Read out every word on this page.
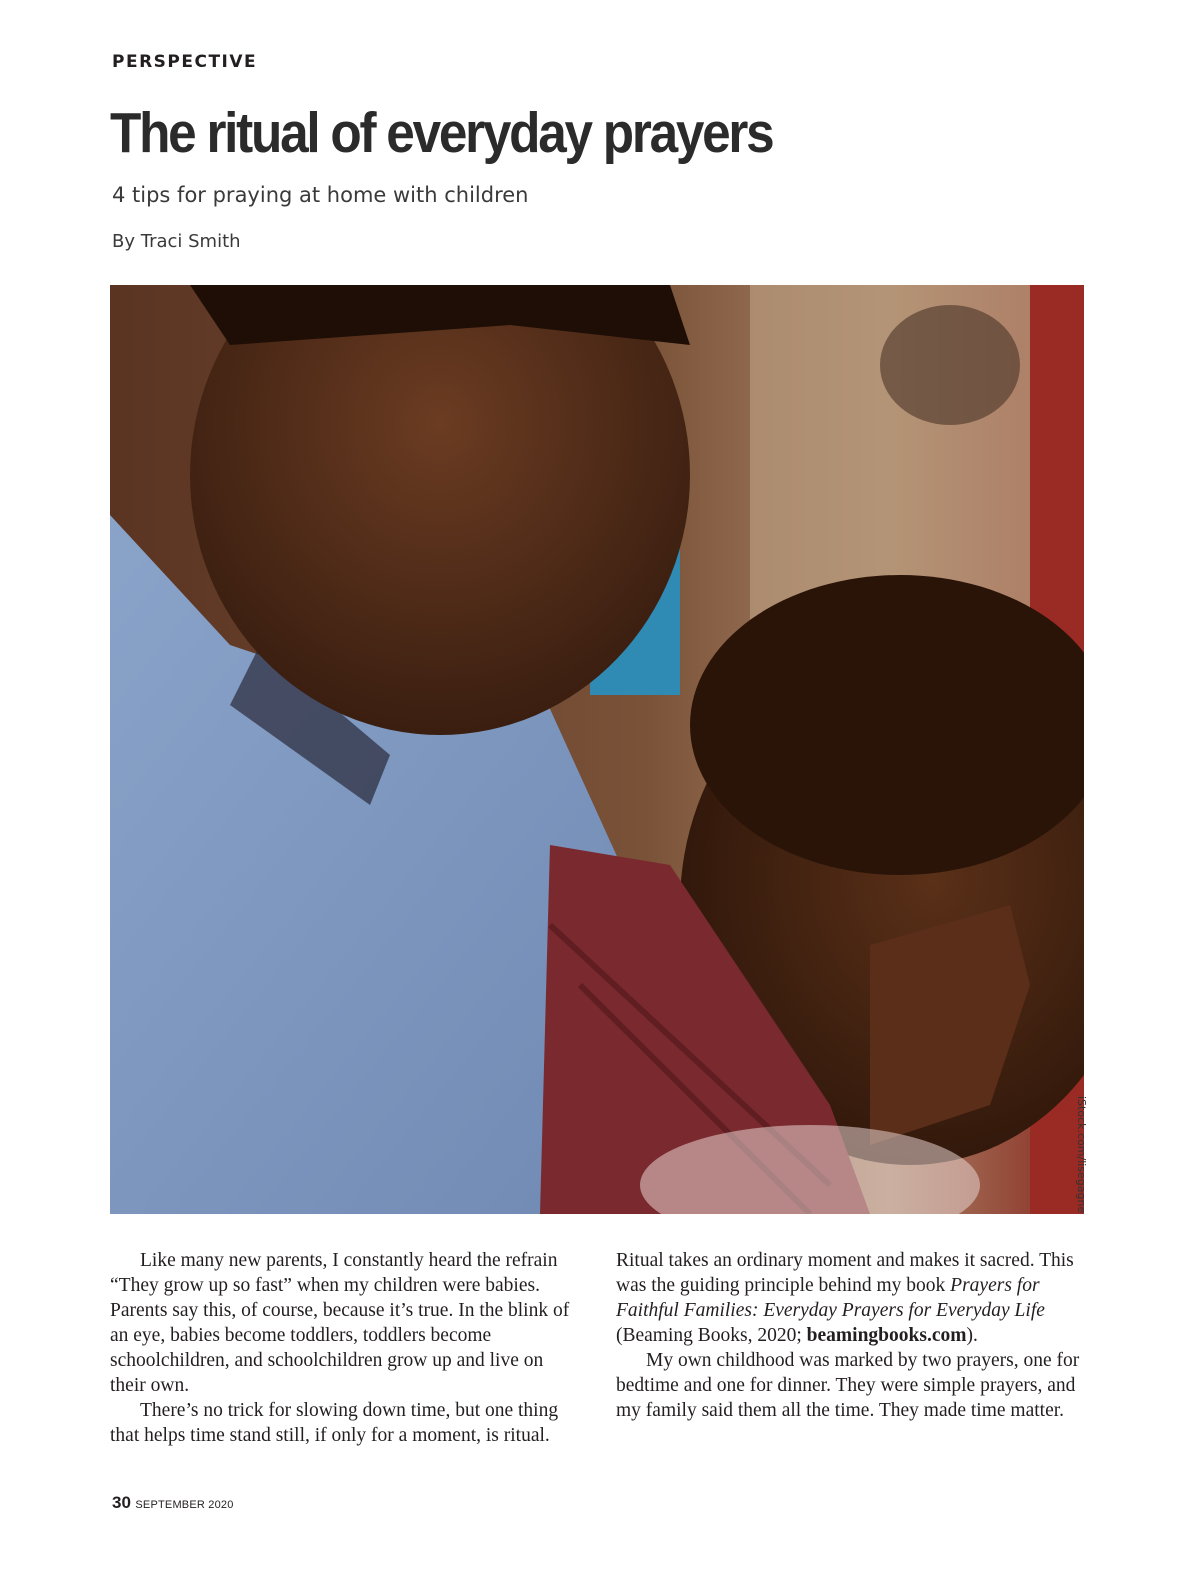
PERSPECTIVE
The ritual of everyday prayers
4 tips for praying at home with children
By Traci Smith
iStock.com/lisegagne

Like many new parents, I constantly heard the refrain “They grow up so fast” when my children were babies. Parents say this, of course, because it’s true. In the blink of an eye, babies become toddlers, toddlers become schoolchildren, and schoolchildren grow up and live on their own.

There’s no trick for slowing down time, but one thing that helps time stand still, if only for a moment, is ritual.

Ritual takes an ordinary moment and makes it sacred. This was the guiding principle behind my book Prayers for Faithful Families: Everyday Prayers for Everyday Life (Beaming Books, 2020; beamingbooks.com).

My own childhood was marked by two prayers, one for bedtime and one for dinner. They were simple prayers, and my family said them all the time. They made time matter.

30 SEPTEMBER 2020
